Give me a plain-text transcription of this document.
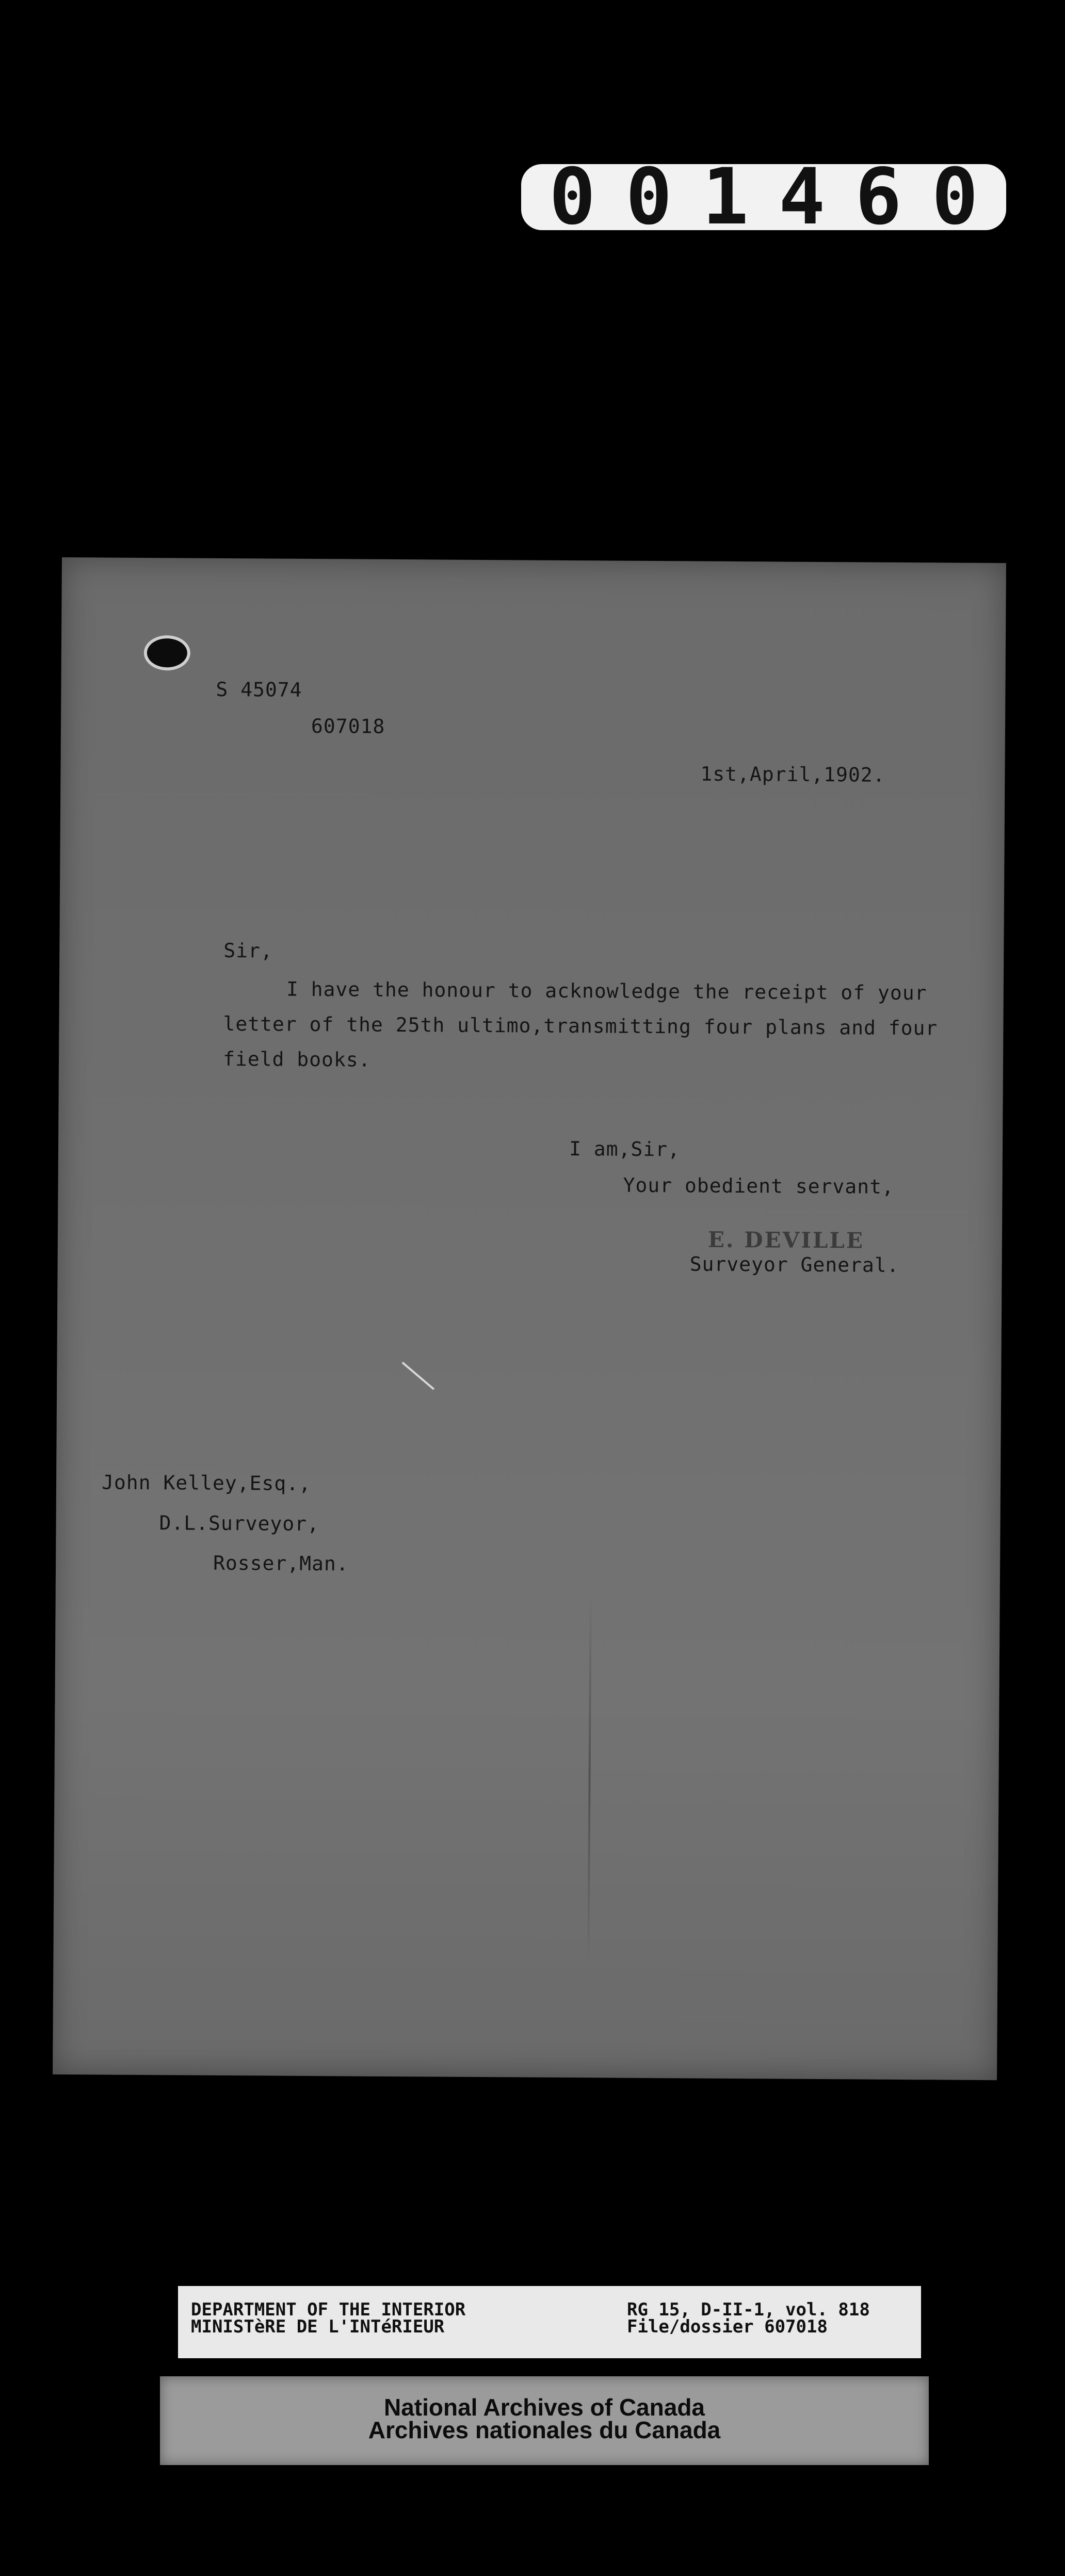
001460
S 45074
607018
1st,April,1902.
Sir,
I have the honour to acknowledge the receipt of your
letter of the 25th ultimo,transmitting four plans and four
field books.
I am,Sir,
Your obedient servant,
E. DEVILLE
Surveyor General.
John Kelley,Esq.,
D.L.Surveyor,
Rosser,Man.
DEPARTMENT OF THE INTERIOR
MINISTèRE DE L'INTéRIEUR
RG 15, D-II-1, vol. 818
File/dossier 607018
National Archives of Canada
Archives nationales du Canada
